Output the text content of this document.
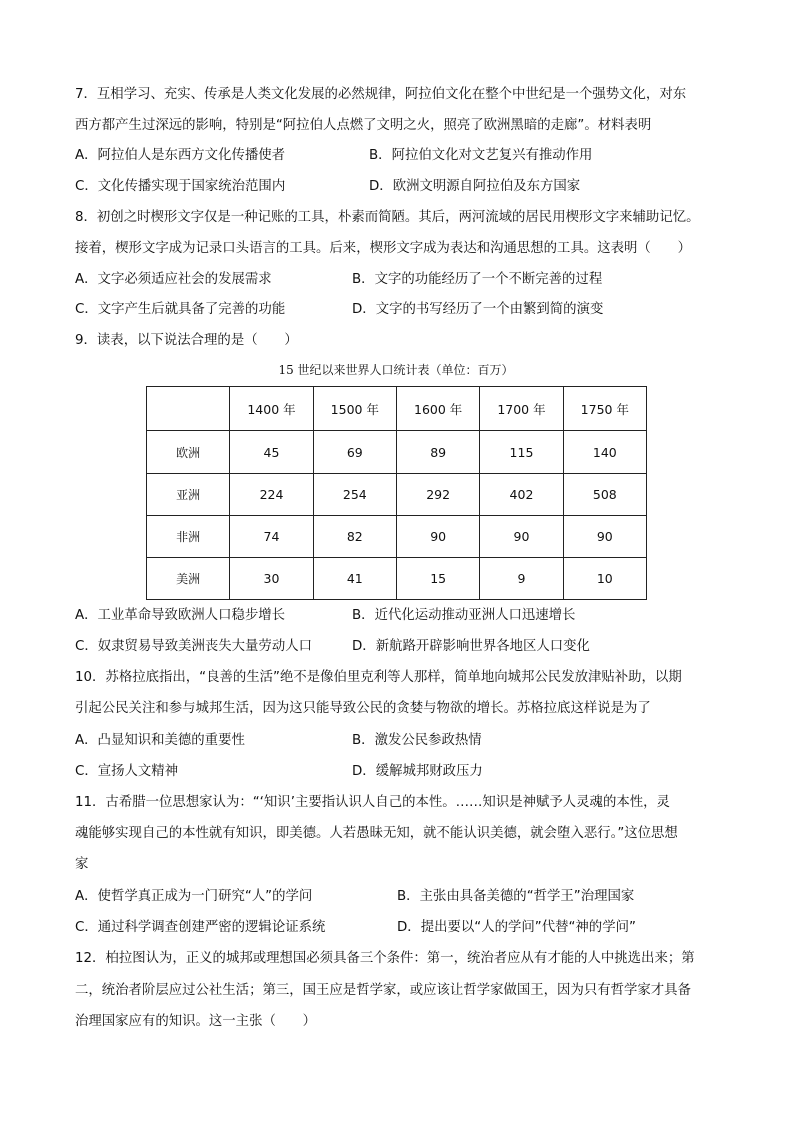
7．互相学习、充实、传承是人类文化发展的必然规律，阿拉伯文化在整个中世纪是一个强势文化，对东
西方都产生过深远的影响，特别是“阿拉伯人点燃了文明之火，照亮了欧洲黑暗的走廊”。材料表明
A．阿拉伯人是东西方文化传播使者	B．阿拉伯文化对文艺复兴有推动作用
C．文化传播实现于国家统治范围内	D．欧洲文明源自阿拉伯及东方国家
8．初创之时楔形文字仅是一种记账的工具，朴素而简陋。其后，两河流域的居民用楔形文字来辅助记忆。
接着，楔形文字成为记录口头语言的工具。后来，楔形文字成为表达和沟通思想的工具。这表明（　　）
A．文字必须适应社会的发展需求	B．文字的功能经历了一个不断完善的过程
C．文字产生后就具备了完善的功能	D．文字的书写经历了一个由繁到简的演变
9．读表，以下说法合理的是（　　）
15 世纪以来世界人口统计表（单位：百万）
	1400 年	1500 年	1600 年	1700 年	1750 年
欧洲	45	69	89	115	140
亚洲	224	254	292	402	508
非洲	74	82	90	90	90
美洲	30	41	15	9	10
A．工业革命导致欧洲人口稳步增长	B．近代化运动推动亚洲人口迅速增长
C．奴隶贸易导致美洲丧失大量劳动人口	D．新航路开辟影响世界各地区人口变化
10．苏格拉底指出，“良善的生活”绝不是像伯里克利等人那样，简单地向城邦公民发放津贴补助，以期
引起公民关注和参与城邦生活，因为这只能导致公民的贪婪与物欲的增长。苏格拉底这样说是为了
A．凸显知识和美德的重要性	B．激发公民参政热情
C．宣扬人文精神	D．缓解城邦财政压力
11．古希腊一位思想家认为：“‘知识’主要指认识人自己的本性。……知识是神赋予人灵魂的本性，灵
魂能够实现自己的本性就有知识，即美德。人若愚昧无知，就不能认识美德，就会堕入恶行。”这位思想
家
A．使哲学真正成为一门研究“人”的学问	B．主张由具备美德的“哲学王”治理国家
C．通过科学调查创建严密的逻辑论证系统	D．提出要以“人的学问”代替“神的学问”
12．柏拉图认为，正义的城邦或理想国必须具备三个条件：第一，统治者应从有才能的人中挑选出来；第
二，统治者阶层应过公社生活；第三，国王应是哲学家，或应该让哲学家做国王，因为只有哲学家才具备
治理国家应有的知识。这一主张（　　）
